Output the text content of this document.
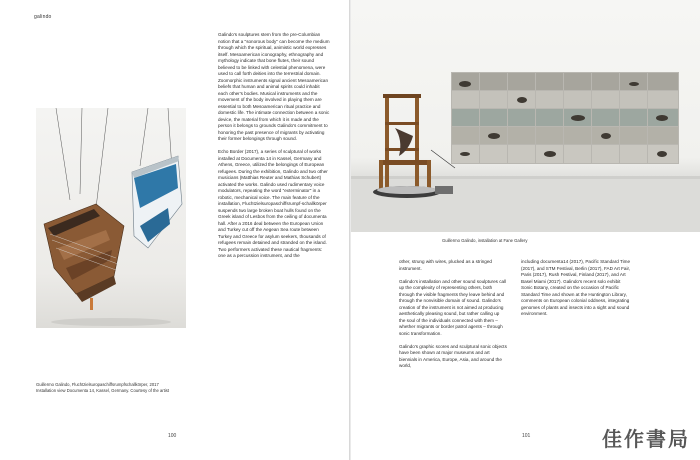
galindo

Galindo's soulptures stem from the pre-Columbian notion that a "sonorous body" can become the medium through which the spiritual, animistic world expresses itself. Mesoamerican iconography, ethnography and mythology indicate that bone flutes, their sound believed to be linked with celestial phenomena, were used to call forth deities into the terrestrial domain. Zoomorphic instruments signal ancient Mesoamerican beliefs that human and animal spirits could inhabit each other's bodies. Musical instruments and the movement of the body involved in playing them are essential to both Mesoamerican ritual practice and domestic life. The intimate connection between a sonic device, the material from which it is made and the person it belongs to grounds Galindo's commitment to honoring the past presence of migrants by activating their former belongings through sound.

Echo Border (2017), a series of sculptural of works installed at Documenta 14 in Kassel, Germany and Athens, Greece, utilized the belongings of European refugees. During the exhibition, Galindo and two other musicians (Matthias Reuter and Mathias Schubert) activated the works. Galindo used rudimentary voice modulators, repeating the word "exterminator" in a robotic, mechanical voice. The main feature of the installation, Fluchtzielsuropaschiffsrumpf-schallkörper suspends two large broken boat hulls found on the Greek island of Lesbos from the ceiling of documenta hall. After a 2016 deal between the European Union and Turkey cut off the Aegean Sea route between Turkey and Greece for asylum seekers, thousands of refugees remain detained and stranded on the island. Two performers activated these nautical fragments: one as a percussion instrument, and the

Guillermo Galindo, Fluchtzielsuropaschiffsrumpfschallkörper, 2017
Installation view Documenta 14, Kassel, Germany. Courtesy of the artist
100
Guillermo Galindo, installation at Fane Gallery

other, strung with wires, plucked as a stringed instrument.

Galindo's installation and other sound soulptures call up the complexity of representing others, both through the visible fragments they leave behind and through the nonvisible domain of sound. Galindo's creation of the instrument is not aimed at producing aesthetically pleasing sound, but rather calling up the soul of the individuals connected with them – whether migrants or border patrol agents – through sonic transformation.

Galindo's graphic scores and sculptural sonic objects have been shown at major museums and art biennials in America, Europe, Asia, and around the world,

including documenta14 (2017), Pacific Standard Time (2017), and STM Festival, Berlin (2017), FAD Art Fair, Paris (2017), Rush Festival, Finland (2017), and Art Basel Miami (2017). Galindo's recent solo exhibit Sonic Botany, created on the occasion of Pacific Standard Time and shown at the Huntington Library, comments on European colonial oddness, integrating genomes of plants and insects into a sight and sound environment.

101	佳作書局
